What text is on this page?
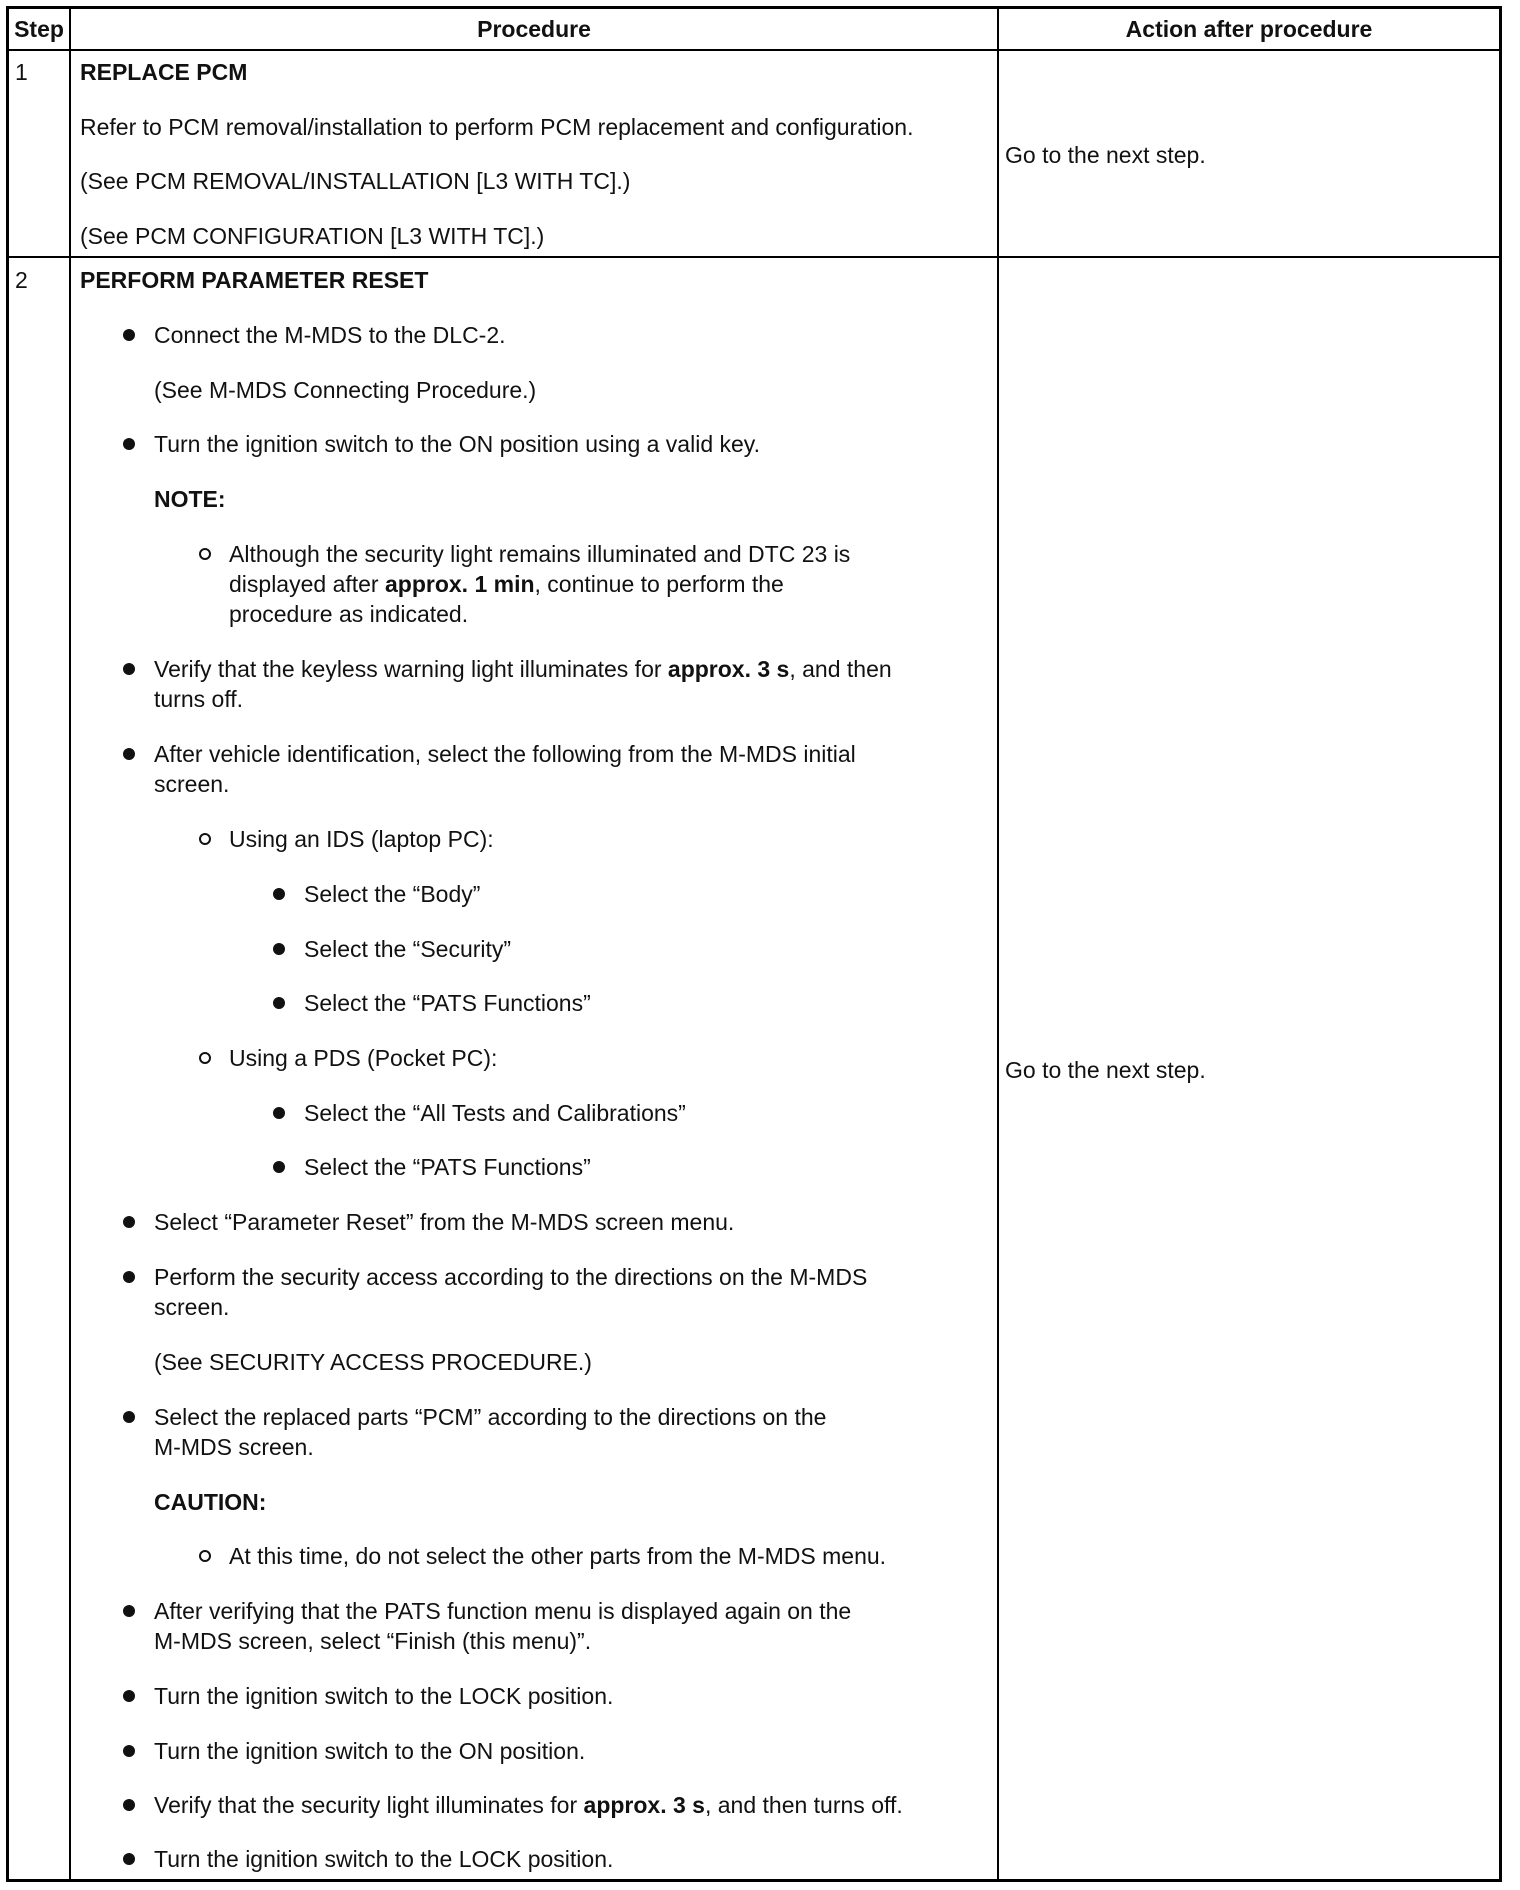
Step	Procedure	Action after procedure
1 REPLACE PCM
Refer to PCM removal/installation to perform PCM replacement and configuration.
(See PCM REMOVAL/INSTALLATION [L3 WITH TC].)
(See PCM CONFIGURATION [L3 WITH TC].)
Go to the next step.
2 PERFORM PARAMETER RESET
Go to the next step.
Connect the M-MDS to the DLC-2.
(See M-MDS Connecting Procedure.)
Turn the ignition switch to the ON position using a valid key.
NOTE:
Although the security light remains illuminated and DTC 23 is
displayed after approx. 1 min, continue to perform the
procedure as indicated.
Verify that the keyless warning light illuminates for approx. 3 s, and then
turns off.
After vehicle identification, select the following from the M-MDS initial
screen.
Using an IDS (laptop PC):
Select the “Body”
Select the “Security”
Select the “PATS Functions”
Using a PDS (Pocket PC):
Select the “All Tests and Calibrations”
Select the “PATS Functions”
Select “Parameter Reset” from the M-MDS screen menu.
Perform the security access according to the directions on the M-MDS
screen.
(See SECURITY ACCESS PROCEDURE.)
Select the replaced parts “PCM” according to the directions on the
M-MDS screen.
CAUTION:
At this time, do not select the other parts from the M-MDS menu.
After verifying that the PATS function menu is displayed again on the
M-MDS screen, select “Finish (this menu)”.
Turn the ignition switch to the LOCK position.
Turn the ignition switch to the ON position.
Verify that the security light illuminates for approx. 3 s, and then turns off.
Turn the ignition switch to the LOCK position.
